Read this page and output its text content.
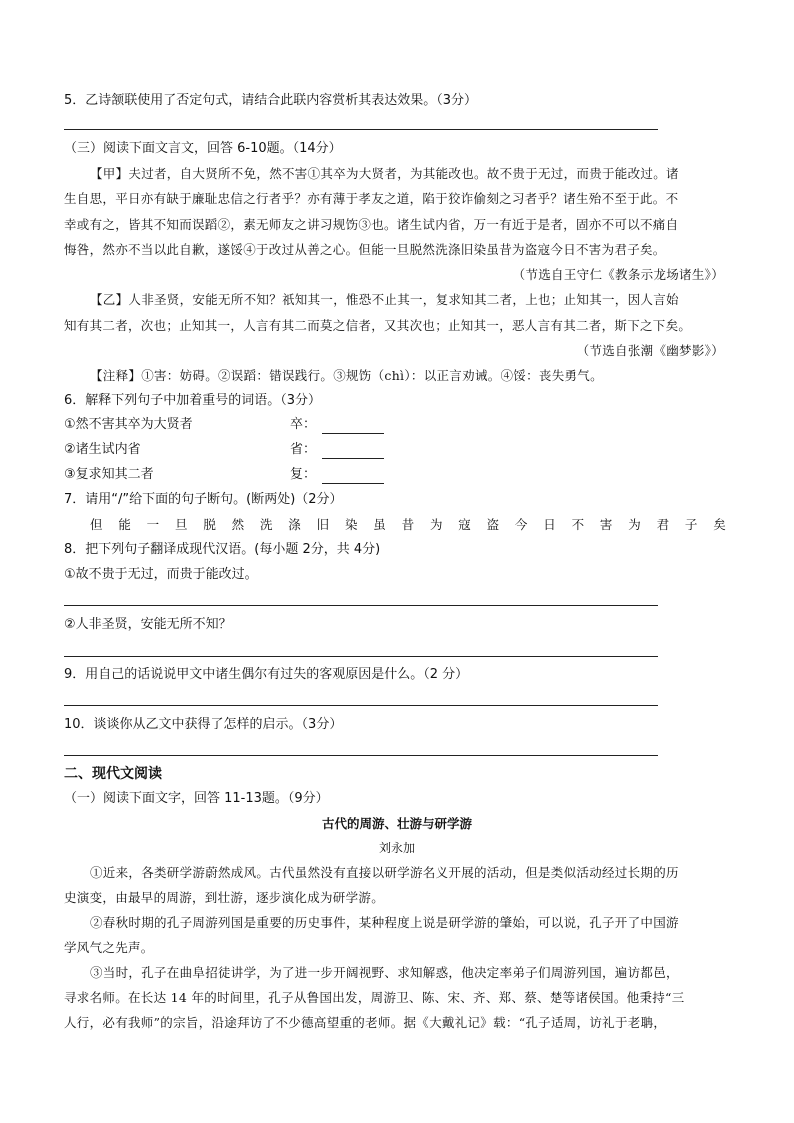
5．乙诗颔联使用了否定句式，请结合此联内容赏析其表达效果。（3分）
（三）阅读下面文言文，回答 6-10题。（14分）
【甲】夫过者，自大贤所不免，然不害①其卒为大贤者，为其能改也。故不贵于无过，而贵于能改过。诸
生自思，平日亦有缺于廉耻忠信之行者乎？亦有薄于孝友之道，陷于狡诈偷刻之习者乎？诸生殆不至于此。不
幸或有之，皆其不知而误蹈②，素无师友之讲习规饬③也。诸生试内省，万一有近于是者，固亦不可以不痛自
悔咎，然亦不当以此自歉，遂馁④于改过从善之心。但能一旦脱然洗涤旧染虽昔为盗寇今日不害为君子矣。
（节选自王守仁《教条示龙场诸生》）
【乙】人非圣贤，安能无所不知？祇知其一，惟恐不止其一，复求知其二者，上也；止知其一，因人言始
知有其二者，次也；止知其一，人言有其二而莫之信者，又其次也；止知其一，恶人言有其二者，斯下之下矣。
（节选自张潮《幽梦影》）
【注释】①害：妨碍。②误蹈：错误践行。③规饬（chì）：以正言劝诫。④馁：丧失勇气。
6．解释下列句子中加着重号的词语。（3分）
①然不害其卒为大贤者	卒：
②诸生试内省	省：
③复求知其二者	复：
7．请用“/”给下面的句子断句。(断两处)（2分）
但 能 一 旦 脱 然 洗 涤 旧 染 虽 昔 为 寇 盗 今 日 不 害 为 君 子 矣
8．把下列句子翻译成现代汉语。(每小题 2分，共 4分)
①故不贵于无过，而贵于能改过。
②人非圣贤，安能无所不知？
9．用自己的话说说甲文中诸生偶尔有过失的客观原因是什么。（2 分）
10．谈谈你从乙文中获得了怎样的启示。（3分）
二、现代文阅读
（一）阅读下面文字，回答 11-13题。（9分）
古代的周游、壮游与研学游
刘永加
①近来，各类研学游蔚然成风。古代虽然没有直接以研学游名义开展的活动，但是类似活动经过长期的历
史演变，由最早的周游，到壮游，逐步演化成为研学游。
②春秋时期的孔子周游列国是重要的历史事件，某种程度上说是研学游的肇始，可以说，孔子开了中国游
学风气之先声。
③当时，孔子在曲阜招徒讲学，为了进一步开阔视野、求知解惑，他决定率弟子们周游列国，遍访都邑，
寻求名师。在长达 14 年的时间里，孔子从鲁国出发，周游卫、陈、宋、齐、郑、蔡、楚等诸侯国。他秉持“三
人行，必有我师”的宗旨，沿途拜访了不少德高望重的老师。据《大戴礼记》载：“孔子适周，访礼于老聃，
